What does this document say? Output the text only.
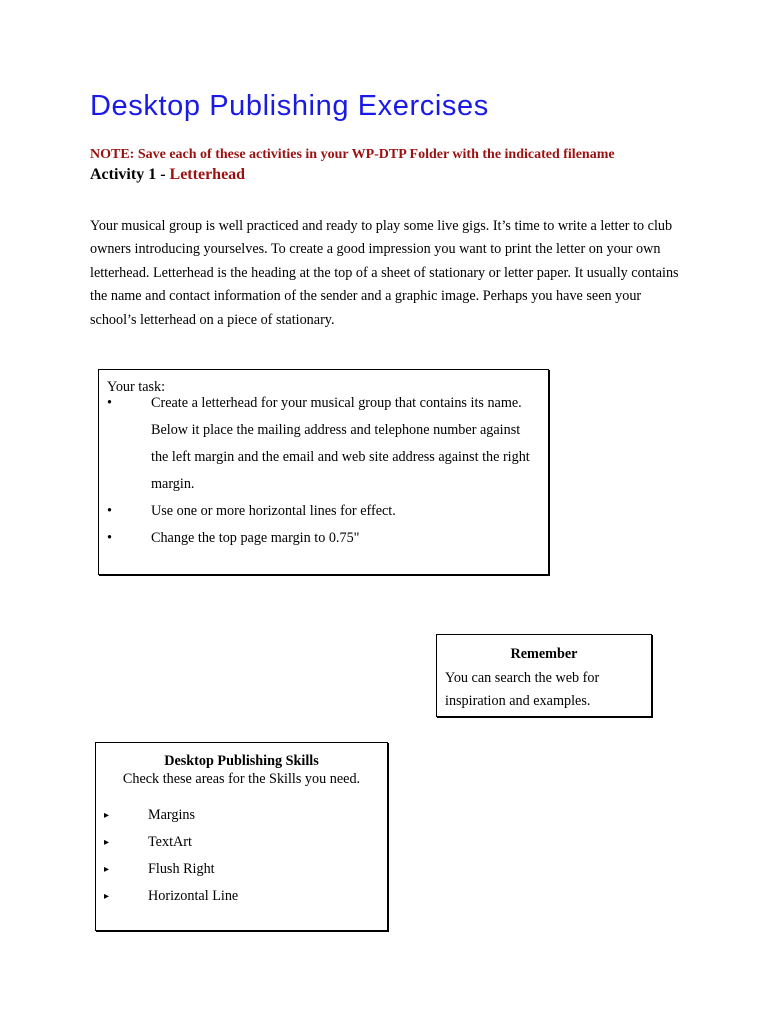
Desktop Publishing Exercises
NOTE: Save each of these activities in your WP-DTP Folder with the indicated filename
Activity 1 - Letterhead

Your musical group is well practiced and ready to play some live gigs. It’s time to write a letter to club owners introducing yourselves. To create a good impression you want to print the letter on your own letterhead. Letterhead is the heading at the top of a sheet of stationary or letter paper. It usually contains the name and contact information of the sender and a graphic image. Perhaps you have seen your school’s letterhead on a piece of stationary.

Your task:
•	Create a letterhead for your musical group that contains its name. Below it place the mailing address and telephone number against the left margin and the email and web site address against the right margin.
•	Use one or more horizontal lines for effect.
•	Change the top page margin to 0.75"
Remember
You can search the web for inspiration and examples.
Desktop Publishing Skills
Check these areas for the Skills you need.
▸	Margins
▸	TextArt
▸	Flush Right
▸	Horizontal Line
